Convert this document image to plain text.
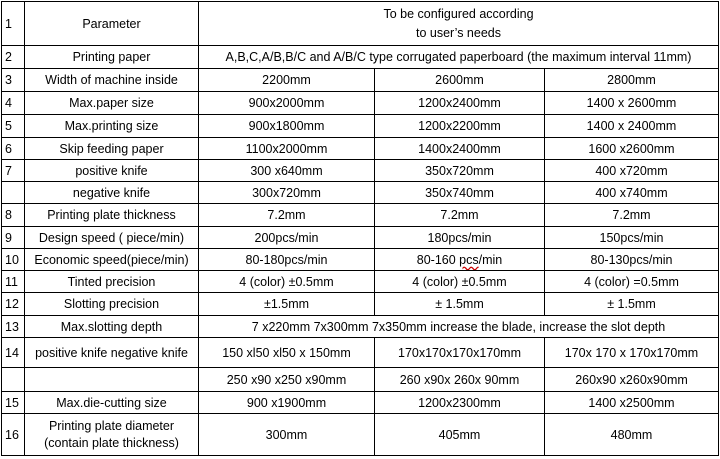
1	Parameter	To be configured according
to user’s needs		

2	Printing paper	A,B,C,A/B,B/C and A/B/C type corrugated paperboard (the maximum interval 11mm)		
3	Width of machine inside	2200mm	2600mm	2800mm
4	Max.paper size	900x2000mm	1200x2400mm	1400 x 2600mm
5	Max.printing size	900x1800mm	1200x2200mm	1400 x 2400mm
6	Skip feeding paper	1100x2000mm	1400x2400mm	1600 x2600mm
7	positive knife	300 x640mm	350x720mm	400 x720mm
	negative knife	300x720mm	350x740mm	400 x740mm
8	Printing plate thickness	7.2mm	7.2mm	7.2mm
9	Design speed ( piece/min)	200pcs/min	180pcs/min	150pcs/min
10	Economic speed(piece/min)	80-180pcs/min	80-160 pcs/min	80-130pcs/min
11	Tinted precision	4 (color) ±0.5mm	4 (color) ±0.5mm	4 (color) =0.5mm
12	Slotting precision	±1.5mm	± 1.5mm	± 1.5mm
13	Max.slotting depth	7 x220mm 7x300mm 7x350mm increase the blade, increase the slot depth		
14	positive knife negative knife	150 xl50 xl50 x 150mm	170x170x170x170mm	170x 170 x 170x170mm
		250 x90 x250 x90mm	260 x90x 260x 90mm	260x90 x260x90mm
15	Max.die-cutting size	900 x1900mm	1200x2300mm	1400 x2500mm
16	Printing plate diameter
(contain plate thickness)	300mm	405mm	480mm
